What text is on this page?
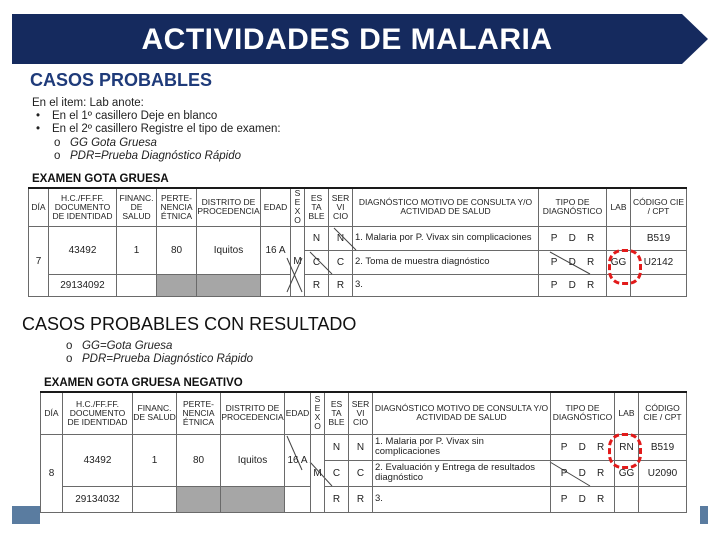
ACTIVIDADES DE MALARIA
CASOS PROBABLES
En el item: Lab anote:
• En el 1º casillero Deje en blanco
• En el 2º casillero Registre el tipo de examen:
o GG Gota Gruesa
o PDR=Prueba Diagnóstico Rápido
EXAMEN GOTA GRUESA
DÍA	H.C./FF.FF. DOCUMENTO DE IDENTIDAD	FINANC. DE SALUD	PERTE-NENCIA ÉTNICA	DISTRITO DE PROCEDENCIA	EDAD	S E X O	ES TA BLE	SER VI CIO	DIAGNÓSTICO MOTIVO DE CONSULTA Y/O ACTIVIDAD DE SALUD	TIPO DE DIAGNÓSTICO	LAB	CÓDIGO CIE / CPT
7	43492	1	80	Iquitos	16 A	M	N	N	1. Malaria por P. Vivax sin complicaciones	P D R		B519
							C	C	2. Toma de muestra diagnóstico	P D R	GG	U2142
	29134092						R	R	3.	P D R		
CASOS PROBABLES CON RESULTADO
o GG=Gota Gruesa
o PDR=Prueba Diagnóstico Rápido
EXAMEN GOTA GRUESA NEGATIVO
DÍA	H.C./FF.FF. DOCUMENTO DE IDENTIDAD	FINANC. DE SALUD	PERTE-NENCIA ÉTNICA	DISTRITO DE PROCEDENCIA	EDAD	S E X O	ES TA BLE	SER VI CIO	DIAGNÓSTICO MOTIVO DE CONSULTA Y/O ACTIVIDAD DE SALUD	TIPO DE DIAGNÓSTICO	LAB	CÓDIGO CIE / CPT
8	43492	1	80	Iquitos	16 A	M	N	N	1. Malaria por P. Vivax sin complicaciones	P D R	RN	B519
							C	C	2. Evaluación y Entrega de resultados diagnóstico	P D R	GG	U2090
	29134032						R	R	3.	P D R		
